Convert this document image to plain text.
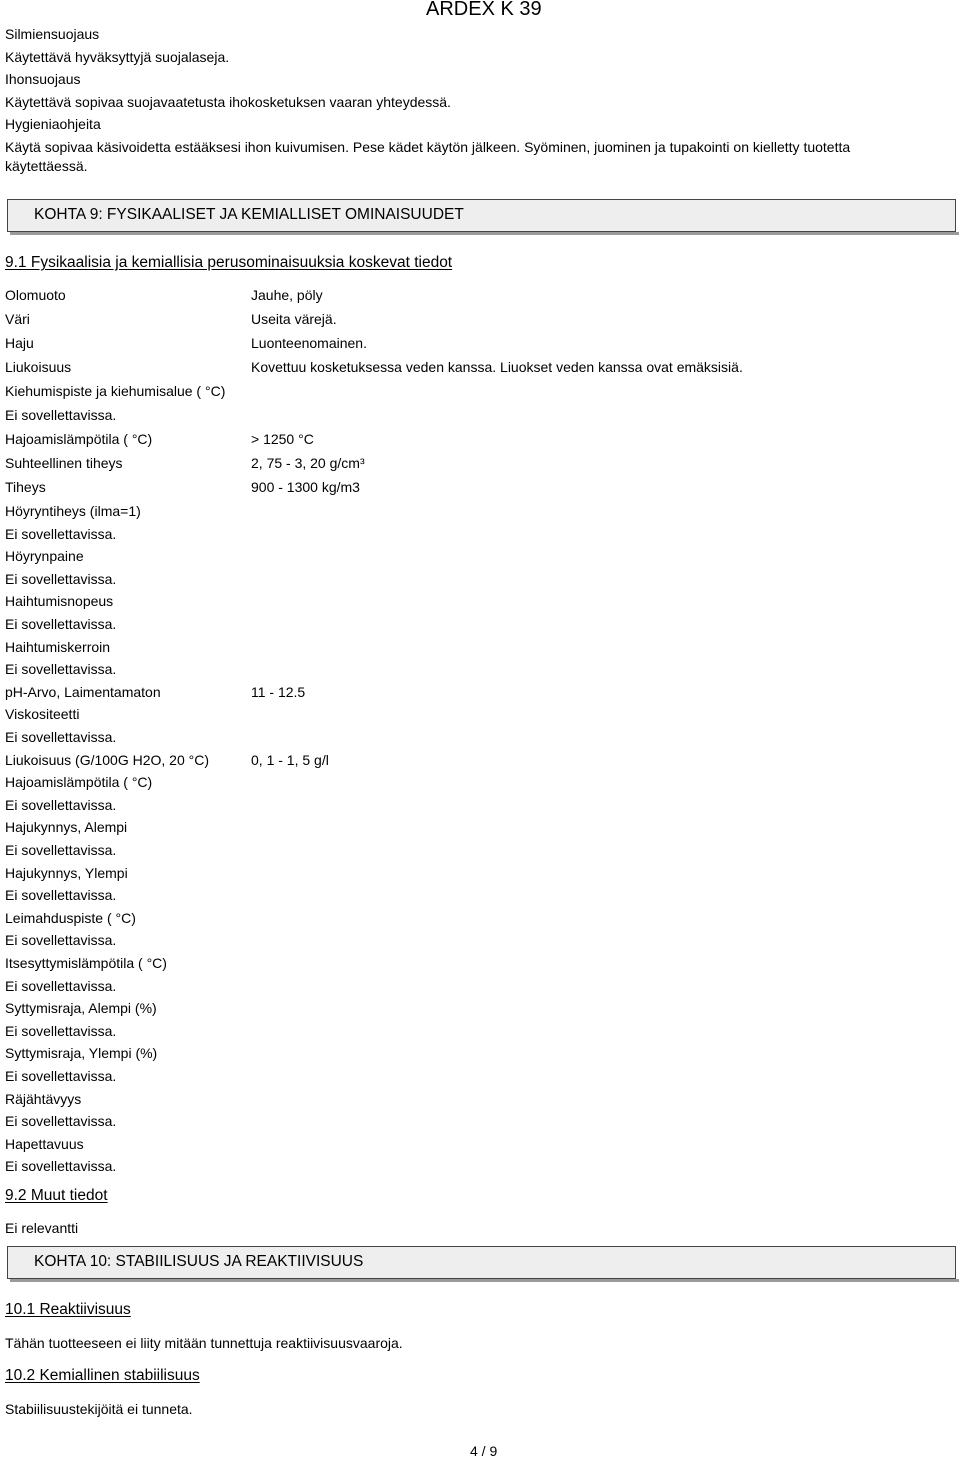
ARDEX K 39
Silmiensuojaus
Käytettävä hyväksyttyjä suojalaseja.
Ihonsuojaus
Käytettävä sopivaa suojavaatetusta ihokosketuksen vaaran yhteydessä.
Hygieniaohjeita
Käytä sopivaa käsivoidetta estääksesi ihon kuivumisen. Pese kädet käytön jälkeen. Syöminen, juominen ja tupakointi on kielletty tuotetta
käytettäessä.
KOHTA 9: FYSIKAALISET JA KEMIALLISET OMINAISUUDET
9.1 Fysikaalisia ja kemiallisia perusominaisuuksia koskevat tiedot
Olomuoto	Jauhe, pöly
Väri	Useita värejä.
Haju	Luonteenomainen.
Liukoisuus	Kovettuu kosketuksessa veden kanssa. Liuokset veden kanssa ovat emäksisiä.
Kiehumispiste ja kiehumisalue ( °C)
Ei sovellettavissa.
Hajoamislämpötila ( °C)	> 1250 °C
Suhteellinen tiheys	2, 75 - 3, 20 g/cm³
Tiheys	900 - 1300 kg/m3
Höyryntiheys (ilma=1)
Ei sovellettavissa.
Höyrynpaine
Ei sovellettavissa.
Haihtumisnopeus
Ei sovellettavissa.
Haihtumiskerroin
Ei sovellettavissa.
pH-Arvo, Laimentamaton	11 - 12.5
Viskositeetti
Ei sovellettavissa.
Liukoisuus (G/100G H2O, 20 °C)	0, 1 - 1, 5 g/l
Hajoamislämpötila ( °C)
Ei sovellettavissa.
Hajukynnys, Alempi
Ei sovellettavissa.
Hajukynnys, Ylempi
Ei sovellettavissa.
Leimahduspiste ( °C)
Ei sovellettavissa.
Itsesyttymislämpötila ( °C)
Ei sovellettavissa.
Syttymisraja, Alempi (%)
Ei sovellettavissa.
Syttymisraja, Ylempi (%)
Ei sovellettavissa.
Räjähtävyys
Ei sovellettavissa.
Hapettavuus
Ei sovellettavissa.
9.2 Muut tiedot
Ei relevantti
KOHTA 10: STABIILISUUS JA REAKTIIVISUUS
10.1 Reaktiivisuus
Tähän tuotteeseen ei liity mitään tunnettuja reaktiivisuusvaaroja.
10.2 Kemiallinen stabiilisuus
Stabiilisuustekijöitä ei tunneta.
4 / 9
